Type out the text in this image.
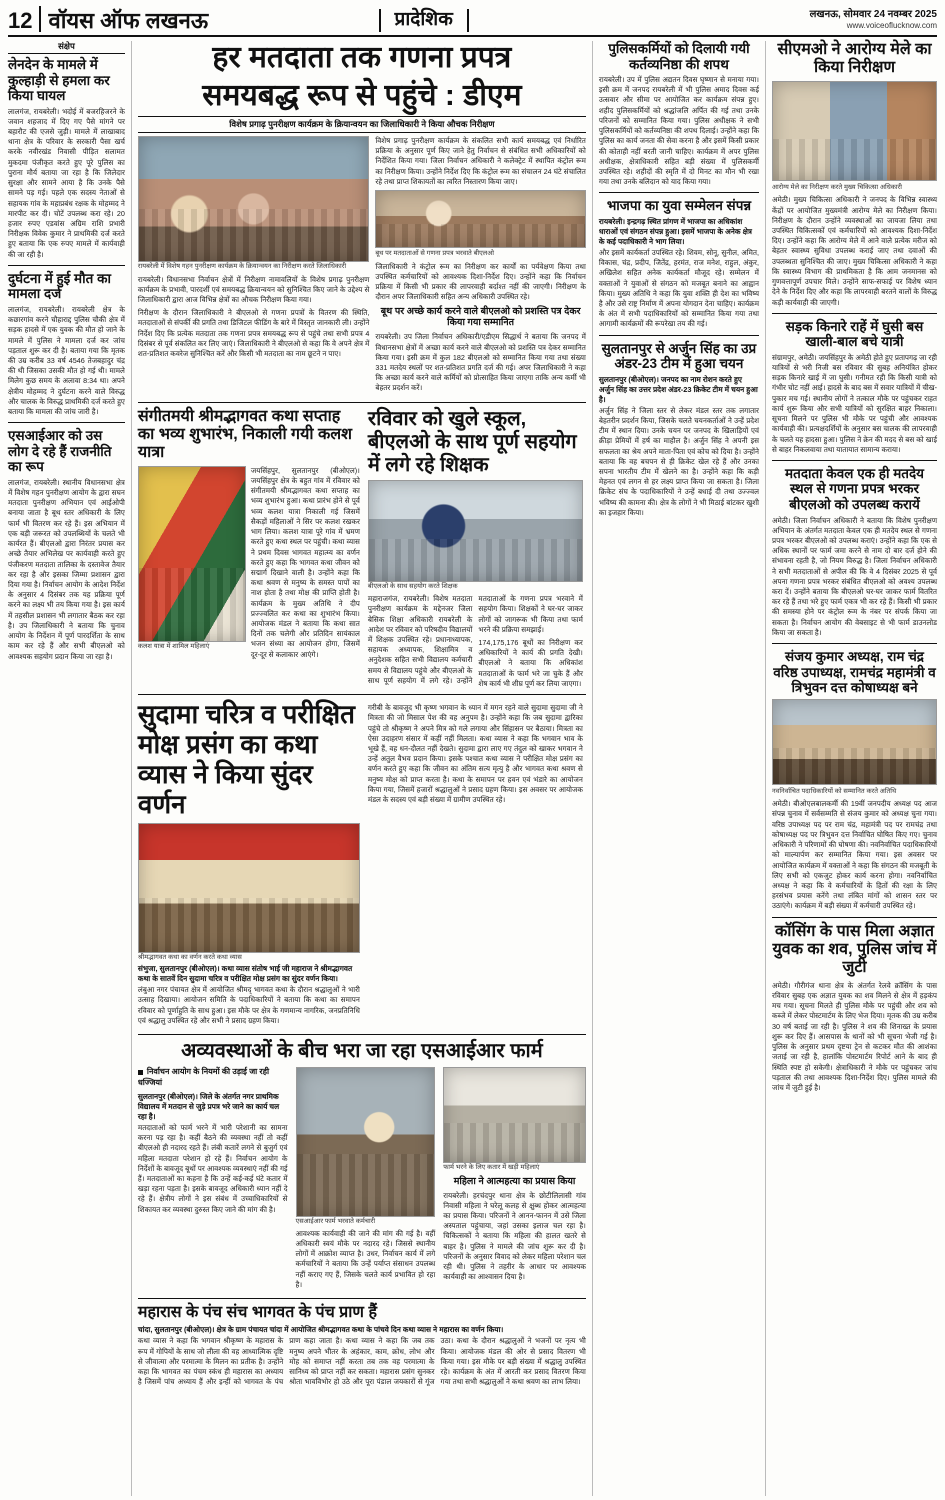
12 वॉयस ऑफ लखनऊ	प्रादेशिक	लखनऊ, सोमवार 24 नवम्बर 2025
www.voiceoflucknow.com
संक्षेप
लेनदेन के मामले में कुल्हाड़ी से हमला कर किया घायल

लालगंज, रायबरेली। भदोई में बजरहिजरने के जवान शहजाद में दिए गए पैसे मांगने पर बहारौट की एजसे जुड़ी। मामले में लाखाबाद थाना क्षेत्र के परिवार के सरकारी पैसा खर्च करके नवीरखंड निवासी पीड़ित सलामत मुकदमा पंजीकृत करते हुए पूरे पुलिस का पुराना मौर्य बताया जा रहा है कि जिलेदार सुरक्षा और सामने आया है कि उनके पैसे सामने पड़ गई। पहले एक सदस्य नेताओं से सहायक गांव के महाप्रबंध रक्षक के मोहम्मद ने मारपीट कर दी। चोटें उपलब्ध करा रहे। 20 हजार रुपए एडवांस अग्रिम राशि प्रभारी निरीक्षक विवेक कुमार ने प्राथमिकी दर्ज करते हुए बताया कि एक रुपए मामले में कार्यवाही की जा रही है।

दुर्घटना में हुई मौत का मामला दर्ज

लालगंज, रायबरेली। रायबरेली क्षेत्र के कछारगांव करने चौहाराद्द पुलिस चौकी क्षेत्र में सड़क हादसे में एक युवक की मौत हो जाने के मामले में पुलिस ने मामला दर्ज कर जांच पड़ताल शुरू कर दी है। बताया गया कि मृतक की उम्र करीब 33 वर्ष 4546 तेजबहादुर चंद्र की थी जिसका उसकी मौत हो गई थी। मामले मिलेग कुछ समय के अलावा 8:34 था। अपने क्षेत्रीय मोहम्मद ने दुर्घटना करने वाले विरुद्ध और चालक के विरुद्ध प्राथमिकी दर्ज करते हुए बताया कि मामला की जांच जारी है।

एसआईआर को उस लोग दे रहे हैं राजनीति का रूप

लालगंज, रायबरेली। स्थानीय विधानसभा क्षेत्र में विशेष गहन पुनरीक्षण आयोग के द्वारा सघन मतदाता पुनरीक्षण अभियान एवं आईओपी बनाया जाता है बूथ स्तर अधिकारी के लिए फार्म भी वितरण कर रहे हैं। इस अभियान में एक बड़ी जरूरत को उपलब्धियों के चलते भी कार्यरत हैं। बीएलओ द्वारा निरंतर प्रयास कर अच्छे तैयार अभिलेख पर कार्यवाही करते हुए पंजीकरण मतदाता तालिका के दस्तावेज तैयार कर रहा है और इसका जिम्मा प्रशासन द्वारा दिया गया है। निर्वाचन आयोग के आदेश निर्देश के अनुसार 4 दिसंबर तक यह प्रक्रिया पूर्ण करने का लक्ष्य भी तय किया गया है। इस कार्य में तहसील प्रशासन भी लगातार बैठक कर रहा है। उप जिलाधिकारी ने बताया कि चुनाव आयोग के निर्देशन में पूर्ण पारदर्शिता के साथ काम कर रहे हैं और सभी बीएलओ को आवश्यक सहयोग प्रदान किया जा रहा है।

हर मतदाता तक गणना प्रपत्र
समयबद्ध रूप से पहुंचे : डीएम
विशेष प्रगाढ़ पुनरीक्षण कार्यक्रम के क्रियान्वयन का जिलाधिकारी ने किया औचक निरीक्षण
रायबरेली में विशेष गहन पुनरीक्षण कार्यक्रम के क्रियान्वयन का निरीक्षण करते जिलाधिकारी

रायबरेली। विधानसभा निर्वाचन क्षेत्रों में निरीक्षण नामावलियों के विशेष प्रगाढ़ पुनरीक्षण कार्यक्रम के प्रभावी, पारदर्शी एवं समयबद्ध क्रियान्वयन को सुनिश्चित किए जाने के उद्देश्य से जिलाधिकारी द्वारा आज विभिन्न क्षेत्रों का औचक निरीक्षण किया गया।

निरीक्षण के दौरान जिलाधिकारी ने बीएलओ से गणना प्रपत्रों के वितरण की स्थिति, मतदाताओं से संपर्की की प्रगति तथा डिजिटल फीडिंग के बारे में विस्तृत जानकारी ली। उन्होंने निर्देश दिए कि प्रत्येक मतदाता तक गणना प्रपत्र समयबद्ध रूप से पहुंचे तथा सभी प्रपत्र 4 दिसंबर से पूर्व संकलित कर लिए जाएं। जिलाधिकारी ने बीएलओ से कहा कि वे अपने क्षेत्र में शत-प्रतिशत कवरेज सुनिश्चित करें और किसी भी मतदाता का नाम छूटने न पाए।

विशेष प्रगाढ़ पुनरीक्षण कार्यक्रम के संकलित सभी कार्य समयबद्ध एवं निर्धारित प्रक्रिया के अनुसार पूर्ण किए जाने हेतु निर्वाचन से संबंधित सभी अधिकारियों को निर्देशित किया गया। जिला निर्वाचन अधिकारी ने कलेक्ट्रेट में स्थापित कंट्रोल रूम का निरीक्षण किया। उन्होंने निर्देश दिए कि कंट्रोल रूम का संचालन 24 घंटे संचालित रहे तथा प्राप्त शिकायतों का त्वरित निस्तारण किया जाए।

बूथ पर मतदाताओं से गणना प्रपत्र भरवाते बीएलओ

जिलाधिकारी ने कंट्रोल रूम का निरीक्षण कर कार्यों का पर्यवेक्षण किया तथा उपस्थित कर्मचारियों को आवश्यक दिशा-निर्देश दिए। उन्होंने कहा कि निर्वाचन प्रक्रिया में किसी भी प्रकार की लापरवाही बर्दाश्त नहीं की जाएगी। निरीक्षण के दौरान अपर जिलाधिकारी सहित अन्य अधिकारी उपस्थित रहे।

बूथ पर अच्छे कार्य करने वाले बीएलओ को प्रशस्ति पत्र देकर किया गया सम्मानित

रायबरेली। उप जिला निर्वाचन अधिकारी/एडीएम सिद्धार्थ ने बताया कि जनपद में विधानसभा क्षेत्रों में अच्छा कार्य करने वाले बीएलओ को प्रशस्ति पत्र देकर सम्मानित किया गया। इसी क्रम में कुल 182 बीएलओ को सम्मानित किया गया तथा संख्या 331 मतदेय स्थलों पर शत-प्रतिशत प्रगति दर्ज की गई। अपर जिलाधिकारी ने कहा कि अच्छा कार्य करने वाले कर्मियों को प्रोत्साहित किया जाएगा ताकि अन्य कर्मी भी बेहतर प्रदर्शन करें।

संगीतमयी श्रीमद्भागवत कथा सप्ताह का भव्य शुभारंभ, निकाली गयी कलश यात्रा
कलश यात्रा में शामिल महिलाएं

जयसिंहपुर, सुलतानपुर (बीओएल)। जयसिंहपुर क्षेत्र के बहुत गांव में रविवार को संगीतमयी श्रीमद्भागवत कथा सप्ताह का भव्य शुभारंभ हुआ। कथा प्रारंभ होने से पूर्व भव्य कलश यात्रा निकाली गई जिसमें सैकड़ों महिलाओं ने सिर पर कलश रखकर भाग लिया। कलश यात्रा पूरे गांव में भ्रमण करते हुए कथा स्थल पर पहुंची। कथा व्यास ने प्रथम दिवस भागवत महात्म्य का वर्णन करते हुए कहा कि भागवत कथा जीवन को सद्मार्ग दिखाने वाली है। उन्होंने कहा कि कथा श्रवण से मनुष्य के समस्त पापों का नाश होता है तथा मोक्ष की प्राप्ति होती है। कार्यक्रम के मुख्य अतिथि ने दीप प्रज्ज्वलित कर कथा का शुभारंभ किया। आयोजक मंडल ने बताया कि कथा सात दिनों तक चलेगी और प्रतिदिन सायंकाल भजन संध्या का आयोजन होगा, जिसमें दूर-दूर से कलाकार आएंगे।

रविवार को खुले स्कूल, बीएलओ के साथ पूर्ण सहयोग में लगे रहे शिक्षक
बीएलओ के साथ सहयोग करते शिक्षक

महाराजगंज, रायबरेली। विशेष मतदाता पुनरीक्षण कार्यक्रम के मद्देनजर जिला बेसिक शिक्षा अधिकारी रायबरेली के आदेश पर रविवार को परिषदीय विद्यालयों में शिक्षक उपस्थित रहे। प्रधानाध्यापक, सहायक अध्यापक, शिक्षामित्र व अनुदेशक सहित सभी विद्यालय कर्मचारी समय से विद्यालय पहुंचे और बीएलओ के साथ पूर्ण सहयोग में लगे रहे। उन्होंने मतदाताओं के गणना प्रपत्र भरवाने में सहयोग किया। शिक्षकों ने घर-घर जाकर लोगों को जागरूक भी किया तथा फार्म भरने की प्रक्रिया समझाई।

174,175,176 बूथों का निरीक्षण कर अधिकारियों ने कार्य की प्रगति देखी। बीएलओ ने बताया कि अधिकांश मतदाताओं के फार्म भरे जा चुके हैं और शेष कार्य भी शीघ्र पूर्ण कर लिया जाएगा।

सुदामा चरित्र व परीक्षित मोक्ष प्रसंग का कथा व्यास ने किया सुंदर वर्णन
श्रीमद्भागवत कथा का वर्णन करते कथा व्यास

संभुजा, सुलतानपुर (बीओएल)। कथा व्यास संतोष भाई जी महाराज ने श्रीमद्भागवत कथा के सातवें दिन सुदामा चरित्र व परीक्षित मोक्ष प्रसंग का सुंदर वर्णन किया।

लंबुआ नगर पंचायत क्षेत्र में आयोजित श्रीमद् भागवत कथा के दौरान श्रद्धालुओं ने भारी उत्साह दिखाया। आयोजन समिति के पदाधिकारियों ने बताया कि कथा का समापन रविवार को पूर्णाहुति के साथ हुआ। इस मौके पर क्षेत्र के गणमान्य नागरिक, जनप्रतिनिधि एवं श्रद्धालु उपस्थित रहे और सभी ने प्रसाद ग्रहण किया।

गरीबी के बावजूद भी कृष्ण भगवान के ध्यान में मगन रहने वाले सुदामा सुदामा जी ने मित्रता की जो मिसाल पेश की वह अनुपम है। उन्होंने कहा कि जब सुदामा द्वारिका पहुंचे तो श्रीकृष्ण ने अपने मित्र को गले लगाया और सिंहासन पर बैठाया। मित्रता का ऐसा उदाहरण संसार में कहीं नहीं मिलता। कथा व्यास ने कहा कि भगवान भाव के भूखे हैं, वह धन-दौलत नहीं देखते। सुदामा द्वारा लाए गए तंदुल को खाकर भगवान ने उन्हें अतुल वैभव प्रदान किया। इसके पश्चात कथा व्यास ने परीक्षित मोक्ष प्रसंग का वर्णन करते हुए कहा कि जीवन का अंतिम सत्य मृत्यु है और भागवत कथा श्रवण से मनुष्य मोक्ष को प्राप्त करता है। कथा के समापन पर हवन एवं भंडारे का आयोजन किया गया, जिसमें हजारों श्रद्धालुओं ने प्रसाद ग्रहण किया। इस अवसर पर आयोजक मंडल के सदस्य एवं बड़ी संख्या में ग्रामीण उपस्थित रहे।

अव्यवस्थाओं के बीच भरा जा रहा एसआईआर फार्म
निर्वाचन आयोग के नियमों की उड़ाई जा रही धज्जियां

सुलतानपुर (बीओएल)। जिले के अंतर्गत नगर प्राथमिक विद्यालय में मतदान से जुड़े प्रपत्र भरे जाने का कार्य चल रहा है।

मतदाताओं को फार्म भरने में भारी परेशानी का सामना करना पड़ रहा है। कहीं बैठने की व्यवस्था नहीं तो कहीं बीएलओ ही नदारद रहते हैं। लंबी कतारें लगने से बुजुर्ग एवं महिला मतदाता परेशान हो रहे हैं। निर्वाचन आयोग के निर्देशों के बावजूद बूथों पर आवश्यक व्यवस्थाएं नहीं की गई हैं। मतदाताओं का कहना है कि उन्हें कई-कई घंटे कतार में खड़ा रहना पड़ता है। इसके बावजूद अधिकारी ध्यान नहीं दे रहे हैं। क्षेत्रीय लोगों ने इस संबंध में उच्चाधिकारियों से शिकायत कर व्यवस्था दुरुस्त किए जाने की मांग की है।

एसआईआर फार्म भरवाते कर्मचारी

आवश्यक कार्यवाही की जाने की मांग की गई है। वहीं अधिकारी स्वयं मौके पर नदारद रहे। जिससे स्थानीय लोगों में आक्रोश व्याप्त है। उधर, निर्वाचन कार्य में लगे कर्मचारियों ने बताया कि उन्हें पर्याप्त संसाधन उपलब्ध नहीं कराए गए हैं, जिसके चलते कार्य प्रभावित हो रहा है।

फार्म भरने के लिए कतार में खड़ी महिलाएं
महिला ने आत्महत्या का प्रयास किया

रायबरेली। हरचंदपुर थाना क्षेत्र के छोटीलिलासी गांव निवासी महिला ने घरेलू कलह से क्षुब्ध होकर आत्महत्या का प्रयास किया। परिजनों ने आनन-फानन में उसे जिला अस्पताल पहुंचाया, जहां उसका इलाज चल रहा है। चिकित्सकों ने बताया कि महिला की हालत खतरे से बाहर है। पुलिस ने मामले की जांच शुरू कर दी है। परिजनों के अनुसार विवाद को लेकर महिला परेशान चल रही थी। पुलिस ने तहरीर के आधार पर आवश्यक कार्यवाही का आश्वासन दिया है।

महारास के पंच संच भागवत के पंच प्राण हैं

चांदा, सुलतानपुर (बीओएल)। क्षेत्र के ग्राम पंचायत चांदा में आयोजित श्रीमद्भागवत कथा के पांचवे दिन कथा व्यास ने महारास का वर्णन किया।

कथा व्यास ने कहा कि भगवान श्रीकृष्ण के महारास के रूप में गोपियों के साथ जो लीला की वह आध्यात्मिक दृष्टि से जीवात्मा और परमात्मा के मिलन का प्रतीक है। उन्होंने कहा कि भागवत का पंचम स्कंध ही महारास का अध्याय है जिसमें पांच अध्याय हैं और इन्हीं को भागवत के पंच प्राण कहा जाता है। कथा व्यास ने कहा कि जब तक मनुष्य अपने भीतर के अहंकार, काम, क्रोध, लोभ और मोह को समाप्त नहीं करता तब तक वह परमात्मा के सानिध्य को प्राप्त नहीं कर सकता। महारास प्रसंग सुनकर श्रोता भावविभोर हो उठे और पूरा पंडाल जयकारों से गूंज उठा। कथा के दौरान श्रद्धालुओं ने भजनों पर नृत्य भी किया। आयोजक मंडल की ओर से प्रसाद वितरण भी किया गया। इस मौके पर बड़ी संख्या में श्रद्धालु उपस्थित रहे। कार्यक्रम के अंत में आरती कर प्रसाद वितरण किया गया तथा सभी श्रद्धालुओं ने कथा श्रवण का लाभ लिया।

पुलिसकर्मियों को दिलायी गयी कर्तव्यनिष्ठा की शपथ

रायबरेली। उप में पुलिस अद्यतन दिवस घृष्णान से मनाया गया। इसी क्रम में जनपद रायबरेली में भी पुलिस अमाद दिवस कई उत्सवार और सीमा पर आयोजित कर कार्यक्रम संपन्न हुए। शहीद पुलिसकर्मियों को श्रद्धांजलि अर्पित की गई तथा उनके परिजनों को सम्मानित किया गया। पुलिस अधीक्षक ने सभी पुलिसकर्मियों को कर्तव्यनिष्ठा की शपथ दिलाई। उन्होंने कहा कि पुलिस का कार्य जनता की सेवा करना है और इसमें किसी प्रकार की कोताही नहीं बरती जानी चाहिए। कार्यक्रम में अपर पुलिस अधीक्षक, क्षेत्राधिकारी सहित बड़ी संख्या में पुलिसकर्मी उपस्थित रहे। शहीदों की स्मृति में दो मिनट का मौन भी रखा गया तथा उनके बलिदान को याद किया गया।

भाजपा का युवा सम्मेलन संपन्न

रायबरेली। इन्द्रगढ़ स्थित प्रांगण में भाजपा का अधिकांश धाराओं एवं संगठन संपन्न हुआ। इसमें भाजपा के अनेक क्षेत्र के कई पदाधिकारी ने भाग लिया।

और इसमें कार्यकर्ता उपस्थित रहे। शिवम, सोनू, सुनील, अमित, विकास, चंद्र, प्रदीप, जितेंद्र, हरमंत, राज मनेश, राहुल, अंकुर, अखिलेश सहित अनेक कार्यकर्ता मौजूद रहे। सम्मेलन में वक्ताओं ने युवाओं से संगठन को मजबूत बनाने का आह्वान किया। मुख्य अतिथि ने कहा कि युवा शक्ति ही देश का भविष्य है और उसे राष्ट्र निर्माण में अपना योगदान देना चाहिए। कार्यक्रम के अंत में सभी पदाधिकारियों को सम्मानित किया गया तथा आगामी कार्यक्रमों की रूपरेखा तय की गई।

सुलतानपुर से अर्जुन सिंह का उप्र अंडर-23 टीम में हुआ चयन

सुलतानपुर (बीओएल)। जनपद का नाम रोशन करते हुए अर्जुन सिंह का उत्तर प्रदेश अंडर-23 क्रिकेट टीम में चयन हुआ है।

अर्जुन सिंह ने जिला स्तर से लेकर मंडल स्तर तक लगातार बेहतरीन प्रदर्शन किया, जिसके चलते चयनकर्ताओं ने उन्हें प्रदेश टीम में स्थान दिया। उनके चयन पर जनपद के खिलाड़ियों एवं क्रीड़ा प्रेमियों में हर्ष का माहौल है। अर्जुन सिंह ने अपनी इस सफलता का श्रेय अपने माता-पिता एवं कोच को दिया है। उन्होंने बताया कि वह बचपन से ही क्रिकेट खेल रहे हैं और उनका सपना भारतीय टीम में खेलने का है। उन्होंने कहा कि कड़ी मेहनत एवं लगन से हर लक्ष्य प्राप्त किया जा सकता है। जिला क्रिकेट संघ के पदाधिकारियों ने उन्हें बधाई दी तथा उज्ज्वल भविष्य की कामना की। क्षेत्र के लोगों ने भी मिठाई बांटकर खुशी का इजहार किया।

सीएमओ ने आरोग्य मेले का किया निरीक्षण
आरोग्य मेले का निरीक्षण करते मुख्य चिकित्सा अधिकारी

अमेठी। मुख्य चिकित्सा अधिकारी ने जनपद के विभिन्न स्वास्थ्य केंद्रों पर आयोजित मुख्यमंत्री आरोग्य मेले का निरीक्षण किया। निरीक्षण के दौरान उन्होंने व्यवस्थाओं का जायजा लिया तथा उपस्थित चिकित्सकों एवं कर्मचारियों को आवश्यक दिशा-निर्देश दिए। उन्होंने कहा कि आरोग्य मेले में आने वाले प्रत्येक मरीज को बेहतर स्वास्थ्य सुविधा उपलब्ध कराई जाए तथा दवाओं की उपलब्धता सुनिश्चित की जाए। मुख्य चिकित्सा अधिकारी ने कहा कि स्वास्थ्य विभाग की प्राथमिकता है कि आम जनमानस को गुणवत्तापूर्ण उपचार मिले। उन्होंने साफ-सफाई पर विशेष ध्यान देने के निर्देश दिए और कहा कि लापरवाही बरतने वालों के विरुद्ध कड़ी कार्यवाही की जाएगी।

सड़क किनारे राहें में घुसी बस खाली-बाल बचे यात्री

संग्रामपुर, अमेठी। जयसिंहपुर के अमेठी होते हुए प्रतापगढ़ जा रही यात्रियों से भरी निजी बस रविवार की सुबह अनियंत्रित होकर सड़क किनारे खाई में जा घुसी। गनीमत रही कि किसी यात्री को गंभीर चोट नहीं आई। हादसे के बाद बस में सवार यात्रियों में चीख-पुकार मच गई। स्थानीय लोगों ने तत्काल मौके पर पहुंचकर राहत कार्य शुरू किया और सभी यात्रियों को सुरक्षित बाहर निकाला। सूचना मिलने पर पुलिस भी मौके पर पहुंची और आवश्यक कार्यवाही की। प्रत्यक्षदर्शियों के अनुसार बस चालक की लापरवाही के चलते यह हादसा हुआ। पुलिस ने क्रेन की मदद से बस को खाई से बाहर निकलवाया तथा यातायात सामान्य कराया।

मतदाता केवल एक ही मतदेय स्थल से गणना प्रपत्र भरकर बीएलओ को उपलब्ध करायें

अमेठी। जिला निर्वाचन अधिकारी ने बताया कि विशेष पुनरीक्षण अभियान के अंतर्गत मतदाता केवल एक ही मतदेय स्थल से गणना प्रपत्र भरकर बीएलओ को उपलब्ध कराएं। उन्होंने कहा कि एक से अधिक स्थानों पर फार्म जमा करने से नाम दो बार दर्ज होने की संभावना रहती है, जो नियम विरुद्ध है। जिला निर्वाचन अधिकारी ने सभी मतदाताओं से अपील की कि वे 4 दिसंबर 2025 से पूर्व अपना गणना प्रपत्र भरकर संबंधित बीएलओ को अवश्य उपलब्ध करा दें। उन्होंने बताया कि बीएलओ घर-घर जाकर फार्म वितरित कर रहे हैं तथा भरे हुए फार्म एकत्र भी कर रहे हैं। किसी भी प्रकार की समस्या होने पर कंट्रोल रूम के नंबर पर संपर्क किया जा सकता है। निर्वाचन आयोग की वेबसाइट से भी फार्म डाउनलोड किया जा सकता है।

संजय कुमार अध्यक्ष, राम चंद्र वरिष्ठ उपाध्यक्ष, रामचंद्र महामंत्री व त्रिभुवन दत्त कोषाध्यक्ष बने
नवनिर्वाचित पदाधिकारियों को सम्मानित करते अतिथि

अमेठी। बीओएलबालकर्मी की 19वीं जनपदीय अध्यक्ष पद आज संपन्न चुनाव में सर्वसम्मति से संजय कुमार को अध्यक्ष चुना गया। वरिष्ठ उपाध्यक्ष पद पर राम चंद्र, महामंत्री पद पर रामचंद्र तथा कोषाध्यक्ष पद पर त्रिभुवन दत्त निर्वाचित घोषित किए गए। चुनाव अधिकारी ने परिणामों की घोषणा की। नवनिर्वाचित पदाधिकारियों को माल्यार्पण कर सम्मानित किया गया। इस अवसर पर आयोजित कार्यक्रम में वक्ताओं ने कहा कि संगठन की मजबूती के लिए सभी को एकजुट होकर कार्य करना होगा। नवनिर्वाचित अध्यक्ष ने कहा कि वे कर्मचारियों के हितों की रक्षा के लिए हरसंभव प्रयास करेंगे तथा लंबित मांगों को शासन स्तर पर उठाएंगे। कार्यक्रम में बड़ी संख्या में कर्मचारी उपस्थित रहे।

कॉसिंग के पास मिला अज्ञात युवक का शव, पुलिस जांच में जुटी

अमेठी। गौरीगंज थाना क्षेत्र के अंतर्गत रेलवे क्रॉसिंग के पास रविवार सुबह एक अज्ञात युवक का शव मिलने से क्षेत्र में हड़कंप मच गया। सूचना मिलते ही पुलिस मौके पर पहुंची और शव को कब्जे में लेकर पोस्टमार्टम के लिए भेज दिया। मृतक की उम्र करीब 30 वर्ष बताई जा रही है। पुलिस ने शव की शिनाख्त के प्रयास शुरू कर दिए हैं। आसपास के थानों को भी सूचना भेजी गई है। पुलिस के अनुसार प्रथम दृष्टया ट्रेन से कटकर मौत की आशंका जताई जा रही है, हालांकि पोस्टमार्टम रिपोर्ट आने के बाद ही स्थिति स्पष्ट हो सकेगी। क्षेत्राधिकारी ने मौके पर पहुंचकर जांच पड़ताल की तथा आवश्यक दिशा-निर्देश दिए। पुलिस मामले की जांच में जुटी हुई है।
